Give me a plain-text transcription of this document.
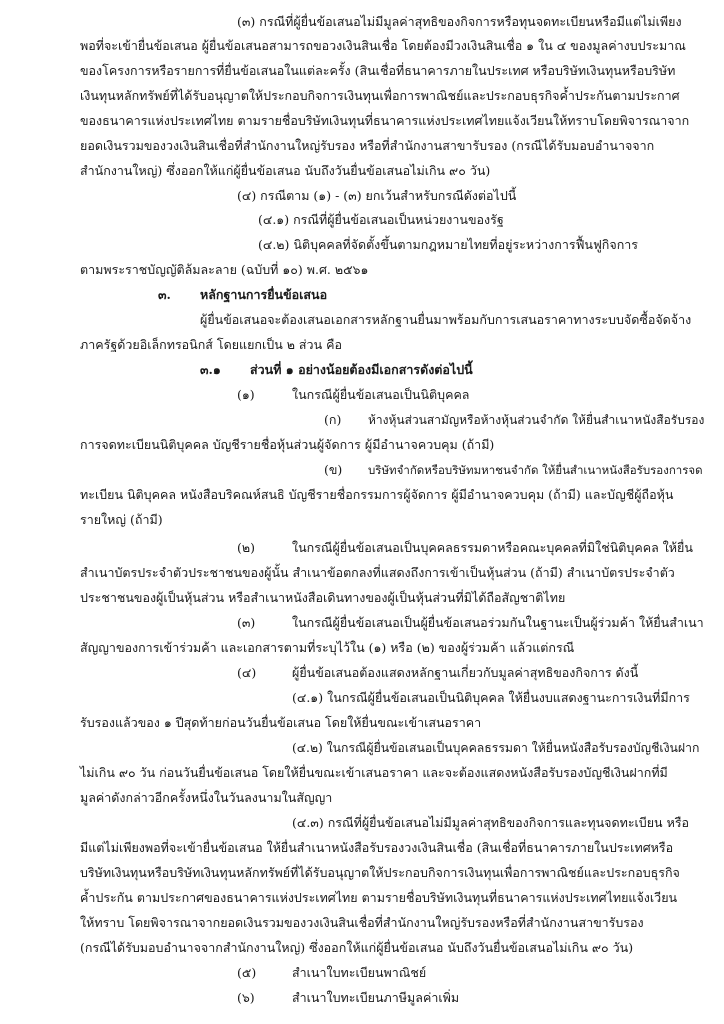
(๓) กรณีที่ผู้ยื่นข้อเสนอไม่มีมูลค่าสุทธิของกิจการหรือทุนจดทะเบียนหรือมีแต่ไม่เพียง
พอที่จะเข้ายื่นข้อเสนอ ผู้ยื่นข้อเสนอสามารถขอวงเงินสินเชื่อ โดยต้องมีวงเงินสินเชื่อ ๑ ใน ๔ ของมูลค่างบประมาณ
ของโครงการหรือรายการที่ยื่นข้อเสนอในแต่ละครั้ง (สินเชื่อที่ธนาคารภายในประเทศ หรือบริษัทเงินทุนหรือบริษัท
เงินทุนหลักทรัพย์ที่ได้รับอนุญาตให้ประกอบกิจการเงินทุนเพื่อการพาณิชย์และประกอบธุรกิจค้ำประกันตามประกาศ
ของธนาคารแห่งประเทศไทย ตามรายชื่อบริษัทเงินทุนที่ธนาคารแห่งประเทศไทยแจ้งเวียนให้ทราบโดยพิจารณาจาก
ยอดเงินรวมของวงเงินสินเชื่อที่สำนักงานใหญ่รับรอง หรือที่สำนักงานสาขารับรอง (กรณีได้รับมอบอำนาจจาก
สำนักงานใหญ่) ซึ่งออกให้แก่ผู้ยื่นข้อเสนอ นับถึงวันยื่นข้อเสนอไม่เกิน ๙๐ วัน)
(๔) กรณีตาม (๑) - (๓) ยกเว้นสำหรับกรณีดังต่อไปนี้
(๔.๑) กรณีที่ผู้ยื่นข้อเสนอเป็นหน่วยงานของรัฐ
(๔.๒) นิติบุคคลที่จัดตั้งขึ้นตามกฎหมายไทยที่อยู่ระหว่างการฟื้นฟูกิจการ
ตามพระราชบัญญัติล้มละลาย (ฉบับที่ ๑๐) พ.ศ. ๒๕๖๑
๓. หลักฐานการยื่นข้อเสนอ
ผู้ยื่นข้อเสนอจะต้องเสนอเอกสารหลักฐานยื่นมาพร้อมกับการเสนอราคาทางระบบจัดซื้อจัดจ้าง
ภาครัฐด้วยอิเล็กทรอนิกส์ โดยแยกเป็น ๒ ส่วน คือ
๓.๑ ส่วนที่ ๑ อย่างน้อยต้องมีเอกสารดังต่อไปนี้
(๑)	ในกรณีผู้ยื่นข้อเสนอเป็นนิติบุคคล
(ก) ห้างหุ้นส่วนสามัญหรือห้างหุ้นส่วนจำกัด ให้ยื่นสำเนาหนังสือรับรอง
การจดทะเบียนนิติบุคคล บัญชีรายชื่อหุ้นส่วนผู้จัดการ ผู้มีอำนาจควบคุม (ถ้ามี)
(ข) บริษัทจำกัดหรือบริษัทมหาชนจำกัด ให้ยื่นสำเนาหนังสือรับรองการจด
ทะเบียน นิติบุคคล หนังสือบริคณห์สนธิ บัญชีรายชื่อกรรมการผู้จัดการ ผู้มีอำนาจควบคุม (ถ้ามี) และบัญชีผู้ถือหุ้น
รายใหญ่ (ถ้ามี)
(๒)	ในกรณีผู้ยื่นข้อเสนอเป็นบุคคลธรรมดาหรือคณะบุคคลที่มิใช่นิติบุคคล ให้ยื่น
สำเนาบัตรประจำตัวประชาชนของผู้นั้น สำเนาข้อตกลงที่แสดงถึงการเข้าเป็นหุ้นส่วน (ถ้ามี) สำเนาบัตรประจำตัว
ประชาชนของผู้เป็นหุ้นส่วน หรือสำเนาหนังสือเดินทางของผู้เป็นหุ้นส่วนที่มิได้ถือสัญชาติไทย
(๓)	ในกรณีผู้ยื่นข้อเสนอเป็นผู้ยื่นข้อเสนอร่วมกันในฐานะเป็นผู้ร่วมค้า ให้ยื่นสำเนา
สัญญาของการเข้าร่วมค้า และเอกสารตามที่ระบุไว้ใน (๑) หรือ (๒) ของผู้ร่วมค้า แล้วแต่กรณี
(๔)	ผู้ยื่นข้อเสนอต้องแสดงหลักฐานเกี่ยวกับมูลค่าสุทธิของกิจการ ดังนี้
(๔.๑) ในกรณีผู้ยื่นข้อเสนอเป็นนิติบุคคล ให้ยื่นงบแสดงฐานะการเงินที่มีการ
รับรองแล้วของ ๑ ปีสุดท้ายก่อนวันยื่นข้อเสนอ โดยให้ยื่นขณะเข้าเสนอราคา
(๔.๒) ในกรณีผู้ยื่นข้อเสนอเป็นบุคคลธรรมดา ให้ยื่นหนังสือรับรองบัญชีเงินฝาก
ไม่เกิน ๙๐ วัน ก่อนวันยื่นข้อเสนอ โดยให้ยื่นขณะเข้าเสนอราคา และจะต้องแสดงหนังสือรับรองบัญชีเงินฝากที่มี
มูลค่าดังกล่าวอีกครั้งหนึ่งในวันลงนามในสัญญา
(๔.๓) กรณีที่ผู้ยื่นข้อเสนอไม่มีมูลค่าสุทธิของกิจการและทุนจดทะเบียน หรือ
มีแต่ไม่เพียงพอที่จะเข้ายื่นข้อเสนอ ให้ยื่นสำเนาหนังสือรับรองวงเงินสินเชื่อ (สินเชื่อที่ธนาคารภายในประเทศหรือ
บริษัทเงินทุนหรือบริษัทเงินทุนหลักทรัพย์ที่ได้รับอนุญาตให้ประกอบกิจการเงินทุนเพื่อการพาณิชย์และประกอบธุรกิจ
ค้ำประกัน ตามประกาศของธนาคารแห่งประเทศไทย ตามรายชื่อบริษัทเงินทุนที่ธนาคารแห่งประเทศไทยแจ้งเวียน
ให้ทราบ โดยพิจารณาจากยอดเงินรวมของวงเงินสินเชื่อที่สำนักงานใหญ่รับรองหรือที่สำนักงานสาขารับรอง
(กรณีได้รับมอบอำนาจจากสำนักงานใหญ่) ซึ่งออกให้แก่ผู้ยื่นข้อเสนอ นับถึงวันยื่นข้อเสนอไม่เกิน ๙๐ วัน)
(๕)	สำเนาใบทะเบียนพาณิชย์
(๖)	สำเนาใบทะเบียนภาษีมูลค่าเพิ่ม
